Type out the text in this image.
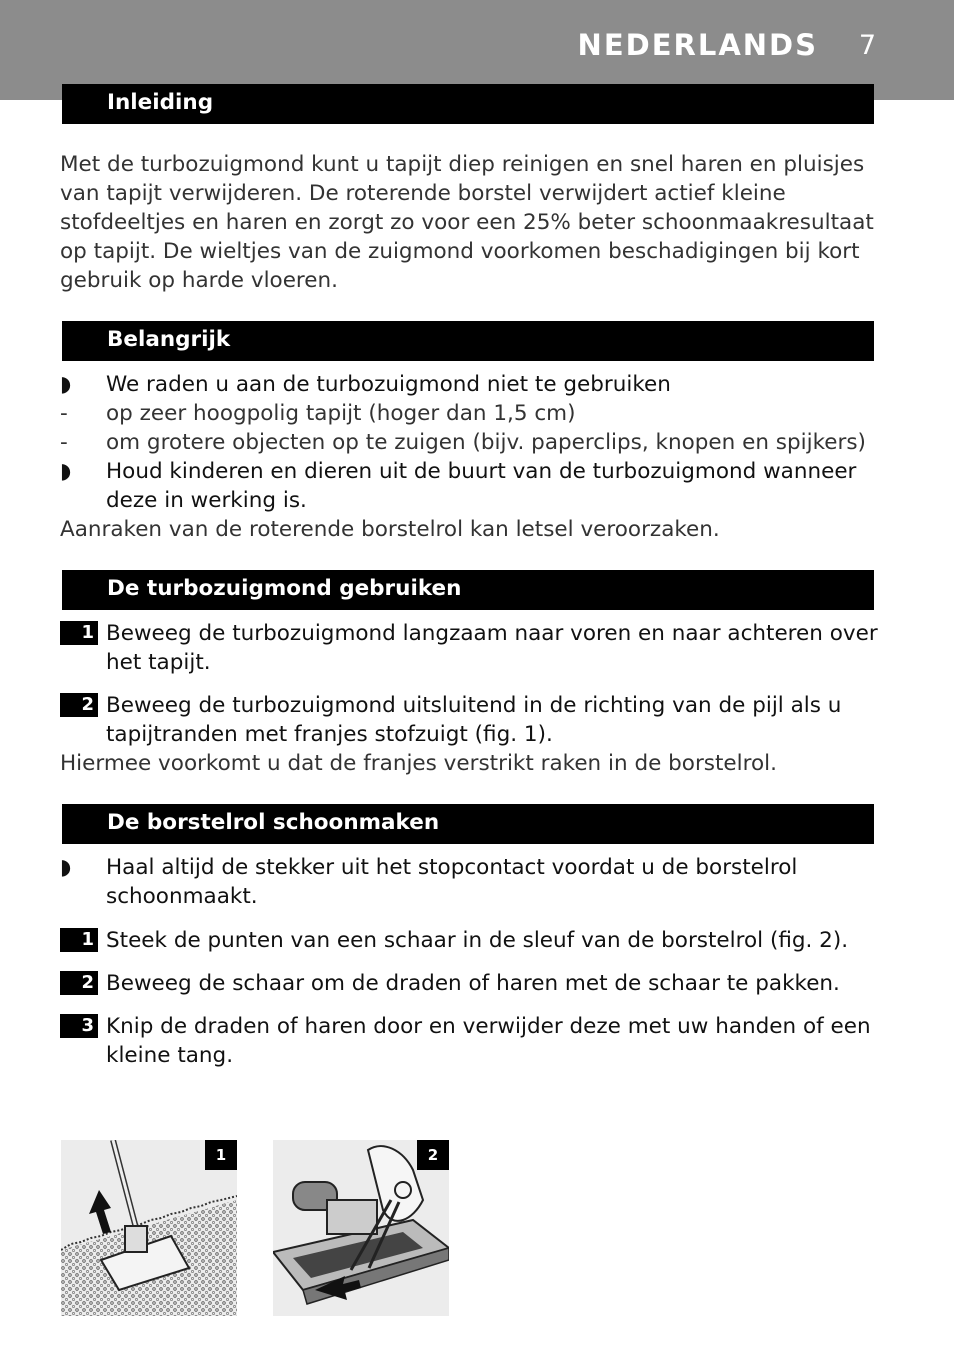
NEDERLANDS 7
Inleiding
Met de turbozuigmond kunt u tapijt diep reinigen en snel haren en pluisjes van tapijt verwijderen. De roterende borstel verwijdert actief kleine stofdeeltjes en haren en zorgt zo voor een 25% beter schoonmaakresultaat op tapijt. De wieltjes van de zuigmond voorkomen beschadigingen bij kort gebruik op harde vloeren.
Belangrijk
◗ We raden u aan de turbozuigmond niet te gebruiken
- op zeer hoogpolig tapijt (hoger dan 1,5 cm)
- om grotere objecten op te zuigen (bijv. paperclips, knopen en spijkers)
◗ Houd kinderen en dieren uit de buurt van de turbozuigmond wanneer deze in werking is.
Aanraken van de roterende borstelrol kan letsel veroorzaken.
De turbozuigmond gebruiken
1 Beweeg de turbozuigmond langzaam naar voren en naar achteren over het tapijt.
2 Beweeg de turbozuigmond uitsluitend in de richting van de pijl als u tapijtranden met franjes stofzuigt (fig. 1).
Hiermee voorkomt u dat de franjes verstrikt raken in de borstelrol.
De borstelrol schoonmaken
◗ Haal altijd de stekker uit het stopcontact voordat u de borstelrol schoonmaakt.
1 Steek de punten van een schaar in de sleuf van de borstelrol (fig. 2).
2 Beweeg de schaar om de draden of haren met de schaar te pakken.
3 Knip de draden of haren door en verwijder deze met uw handen of een kleine tang.
1	2
